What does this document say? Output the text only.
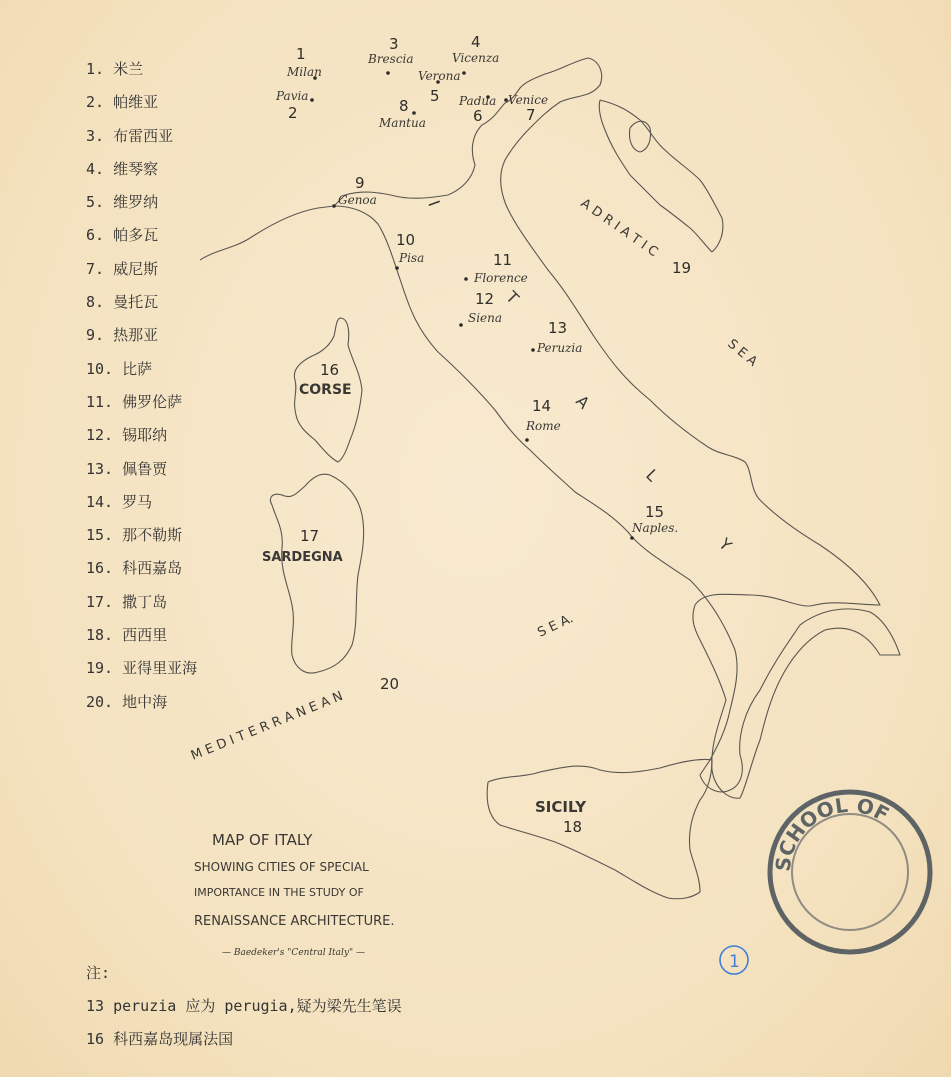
1. 米兰
2. 帕维亚
3. 布雷西亚
4. 维琴察
5. 维罗纳
6. 帕多瓦
7. 威尼斯
8. 曼托瓦
9. 热那亚
10. 比萨
11. 佛罗伦萨
12. 锡耶纳
13. 佩鲁贾
14. 罗马
15. 那不勒斯
16. 科西嘉岛
17. 撒丁岛
18. 西西里
19. 亚得里亚海
20. 地中海
1
2
3	4
5
6	7
8
9
10
11
12
13
14
15
16
17
18
19
20
Milan
Pavia
Brescia	Vicenza
Verona
Padua Venice
Mantua
Genoa
Pisa
Florence
Siena
Peruzia
Rome
Naples.
CORSE
SARDEGNA
SICILY
A D R I A T I C
S E A
M E D I T E R R A N E A N
S E A.
I
T
A
L
Y
MAP OF ITALY
SHOWING CITIES OF SPECIAL
IMPORTANCE IN THE STUDY OF
RENAISSANCE ARCHITECTURE.
— Baedeker's "Central Italy" —	1
SCHOOL OF
注:
13 peruzia 应为 perugia,疑为梁先生笔误
16 科西嘉岛现属法国
